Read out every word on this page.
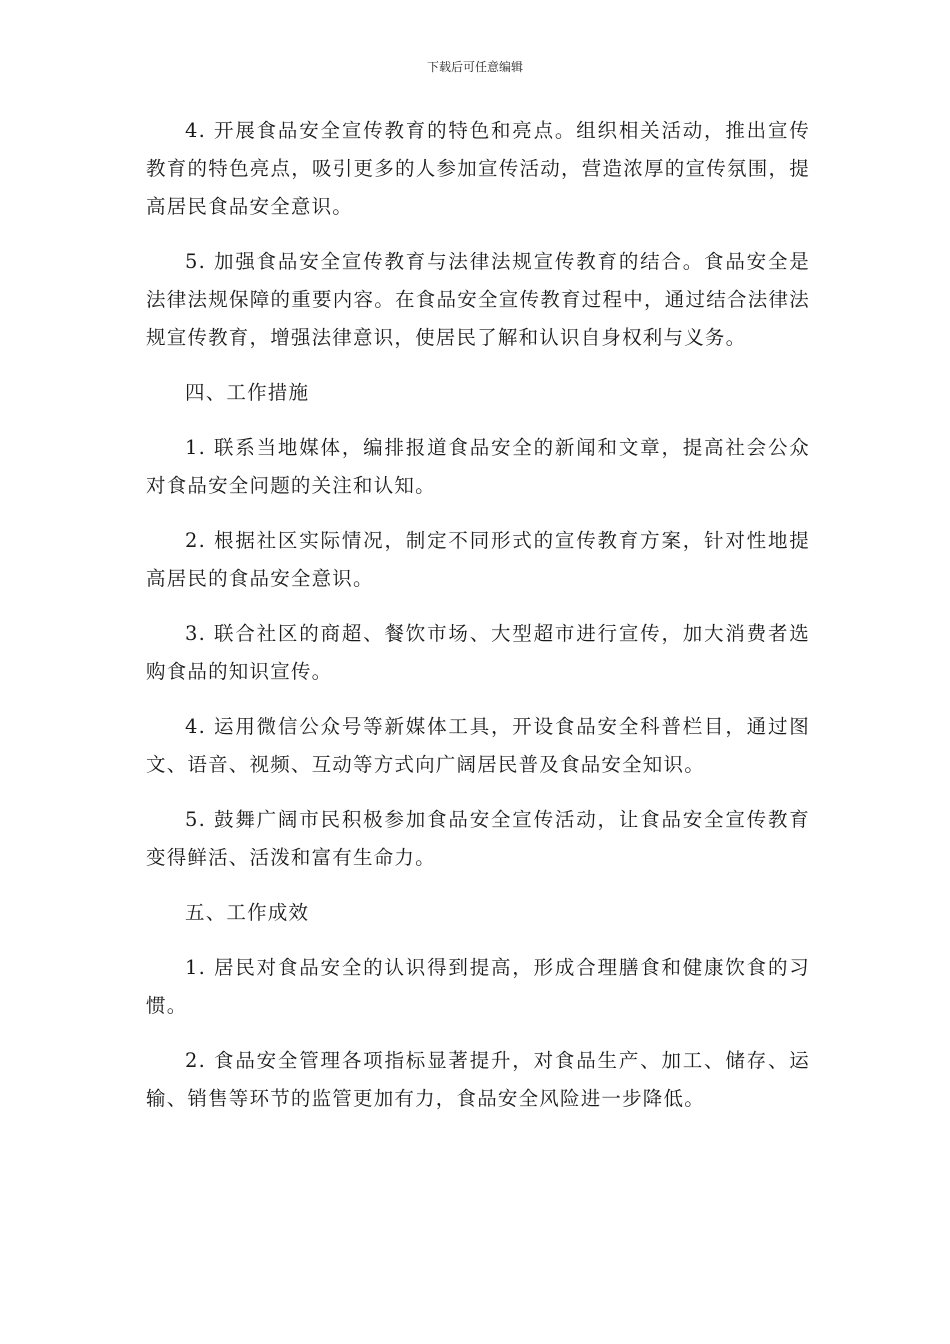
下载后可任意编辑

4. 开展食品安全宣传教育的特色和亮点。组织相关活动，推出宣传教育的特色亮点，吸引更多的人参加宣传活动，营造浓厚的宣传氛围，提高居民食品安全意识。

5. 加强食品安全宣传教育与法律法规宣传教育的结合。食品安全是法律法规保障的重要内容。在食品安全宣传教育过程中，通过结合法律法规宣传教育，增强法律意识，使居民了解和认识自身权利与义务。

四、工作措施

1. 联系当地媒体，编排报道食品安全的新闻和文章，提高社会公众对食品安全问题的关注和认知。

2. 根据社区实际情况，制定不同形式的宣传教育方案，针对性地提高居民的食品安全意识。

3. 联合社区的商超、餐饮市场、大型超市进行宣传，加大消费者选购食品的知识宣传。

4. 运用微信公众号等新媒体工具，开设食品安全科普栏目，通过图文、语音、视频、互动等方式向广阔居民普及食品安全知识。

5. 鼓舞广阔市民积极参加食品安全宣传活动，让食品安全宣传教育变得鲜活、活泼和富有生命力。

五、工作成效

1. 居民对食品安全的认识得到提高，形成合理膳食和健康饮食的习惯。

2. 食品安全管理各项指标显著提升，对食品生产、加工、储存、运输、销售等环节的监管更加有力，食品安全风险进一步降低。
